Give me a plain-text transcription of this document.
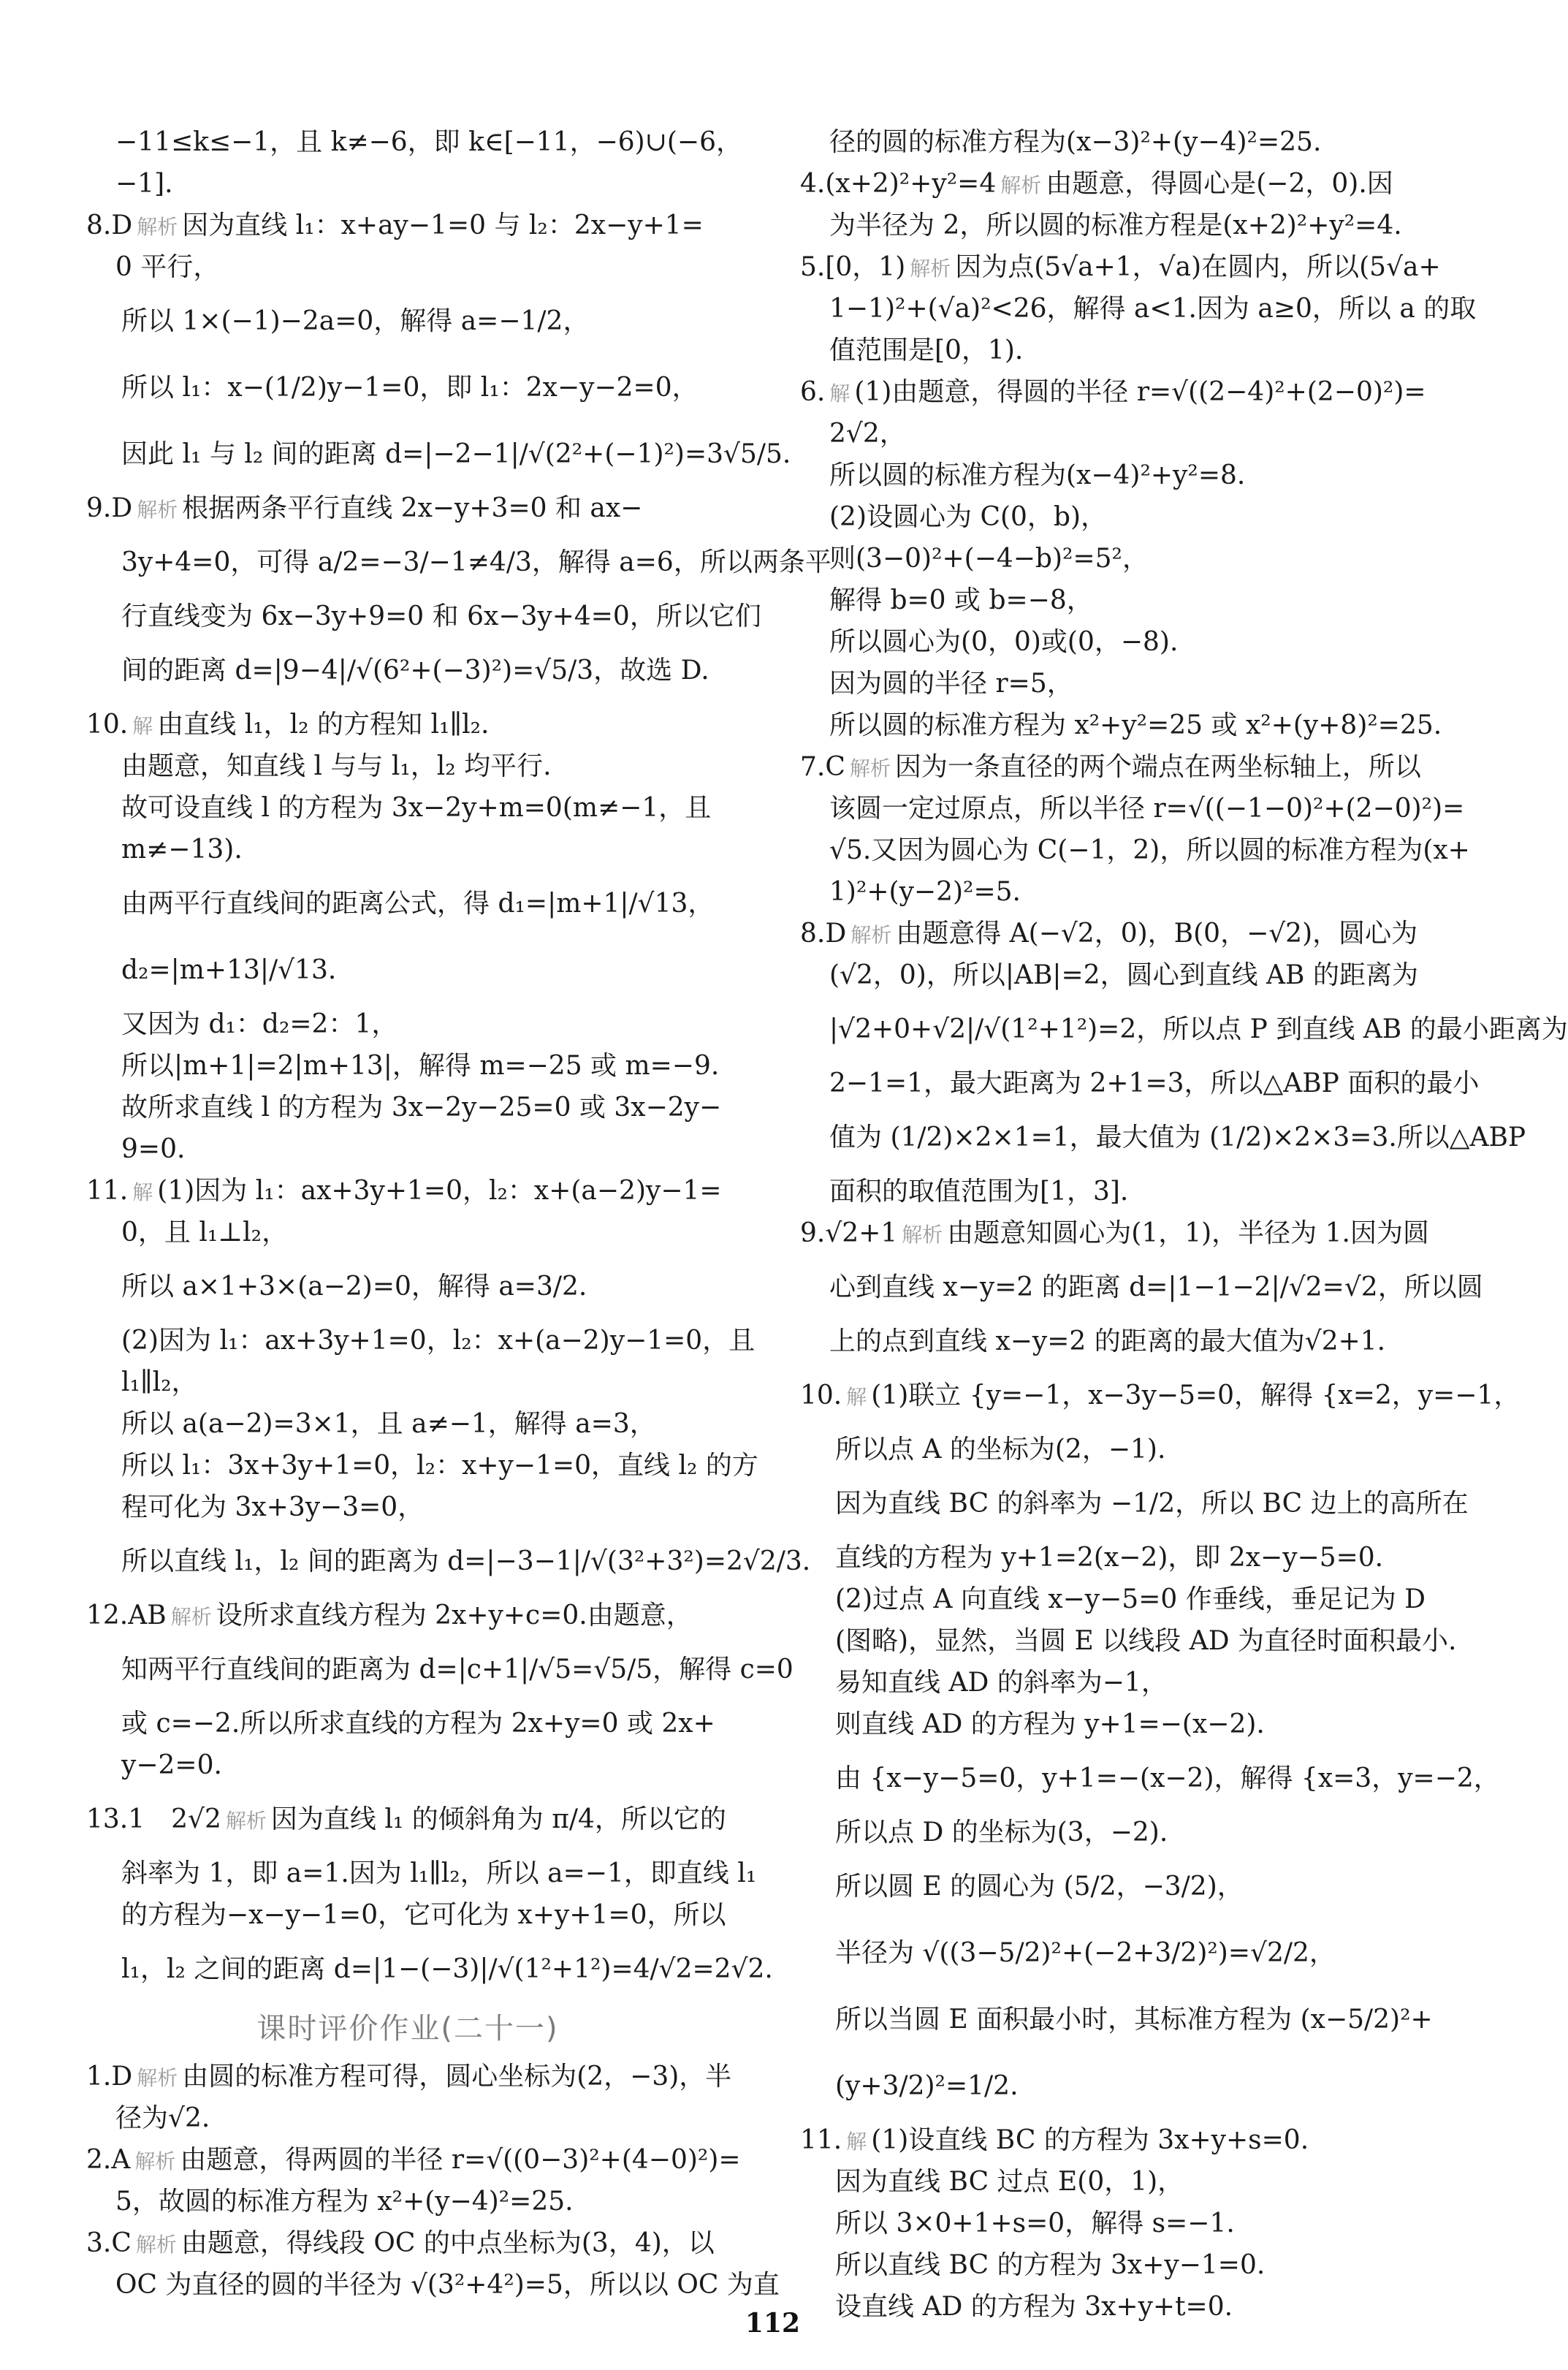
−11≤k≤−1，且 k≠−6，即 k∈[−11，−6)∪(−6，
−1].
8.D 解析 因为直线 l₁：x+ay−1=0 与 l₂：2x−y+1=
0 平行，
所以 1×(−1)−2a=0，解得 a=−1/2，
所以 l₁：x−(1/2)y−1=0，即 l₁：2x−y−2=0，
因此 l₁ 与 l₂ 间的距离 d=|−2−1|/√(2²+(−1)²)=3√5/5.
9.D 解析 根据两条平行直线 2x−y+3=0 和 ax−
3y+4=0，可得 a/2=−3/−1≠4/3，解得 a=6，所以两条平
行直线变为 6x−3y+9=0 和 6x−3y+4=0，所以它们
间的距离 d=|9−4|/√(6²+(−3)²)=√5/3，故选 D.
10. 解 由直线 l₁，l₂ 的方程知 l₁∥l₂.
由题意，知直线 l 与与 l₁，l₂ 均平行.
故可设直线 l 的方程为 3x−2y+m=0(m≠−1，且
m≠−13).
由两平行直线间的距离公式，得 d₁=|m+1|/√13，
d₂=|m+13|/√13.
又因为 d₁：d₂=2：1，
所以|m+1|=2|m+13|，解得 m=−25 或 m=−9.
故所求直线 l 的方程为 3x−2y−25=0 或 3x−2y−
9=0.
11. 解 (1)因为 l₁：ax+3y+1=0，l₂：x+(a−2)y−1=
0，且 l₁⊥l₂，
所以 a×1+3×(a−2)=0，解得 a=3/2.
(2)因为 l₁：ax+3y+1=0，l₂：x+(a−2)y−1=0，且
l₁∥l₂，
所以 a(a−2)=3×1，且 a≠−1，解得 a=3，
所以 l₁：3x+3y+1=0，l₂：x+y−1=0，直线 l₂ 的方
程可化为 3x+3y−3=0，
所以直线 l₁，l₂ 间的距离为 d=|−3−1|/√(3²+3²)=2√2/3.
12.AB 解析 设所求直线方程为 2x+y+c=0.由题意，
知两平行直线间的距离为 d=|c+1|/√5=√5/5，解得 c=0
或 c=−2.所以所求直线的方程为 2x+y=0 或 2x+
y−2=0.
13.1　2√2 解析 因为直线 l₁ 的倾斜角为 π/4，所以它的
斜率为 1，即 a=1.因为 l₁∥l₂，所以 a=−1，即直线 l₁
的方程为−x−y−1=0，它可化为 x+y+1=0，所以
l₁，l₂ 之间的距离 d=|1−(−3)|/√(1²+1²)=4/√2=2√2.
课时评价作业(二十一)
1.D 解析 由圆的标准方程可得，圆心坐标为(2，−3)，半
径为√2.
2.A 解析 由题意，得两圆的半径 r=√((0−3)²+(4−0)²)=
5，故圆的标准方程为 x²+(y−4)²=25.
3.C 解析 由题意，得线段 OC 的中点坐标为(3，4)，以
OC 为直径的圆的半径为 √(3²+4²)=5，所以以 OC 为直
径的圆的标准方程为(x−3)²+(y−4)²=25.
4.(x+2)²+y²=4 解析 由题意，得圆心是(−2，0).因
为半径为 2，所以圆的标准方程是(x+2)²+y²=4.
5.[0，1) 解析 因为点(5√a+1，√a)在圆内，所以(5√a+
1−1)²+(√a)²<26，解得 a<1.因为 a≥0，所以 a 的取
值范围是[0，1).
6. 解 (1)由题意，得圆的半径 r=√((2−4)²+(2−0)²)=
2√2，
所以圆的标准方程为(x−4)²+y²=8.
(2)设圆心为 C(0，b)，
则(3−0)²+(−4−b)²=5²，
解得 b=0 或 b=−8，
所以圆心为(0，0)或(0，−8).
因为圆的半径 r=5，
所以圆的标准方程为 x²+y²=25 或 x²+(y+8)²=25.
7.C 解析 因为一条直径的两个端点在两坐标轴上，所以
该圆一定过原点，所以半径 r=√((−1−0)²+(2−0)²)=
√5.又因为圆心为 C(−1，2)，所以圆的标准方程为(x+
1)²+(y−2)²=5.
8.D 解析 由题意得 A(−√2，0)，B(0，−√2)，圆心为
(√2，0)，所以|AB|=2，圆心到直线 AB 的距离为
|√2+0+√2|/√(1²+1²)=2，所以点 P 到直线 AB 的最小距离为
2−1=1，最大距离为 2+1=3，所以△ABP 面积的最小
值为 (1/2)×2×1=1，最大值为 (1/2)×2×3=3.所以△ABP
面积的取值范围为[1，3].
9.√2+1 解析 由题意知圆心为(1，1)，半径为 1.因为圆
心到直线 x−y=2 的距离 d=|1−1−2|/√2=√2，所以圆
上的点到直线 x−y=2 的距离的最大值为√2+1.
10. 解 (1)联立 {y=−1，x−3y−5=0，解得 {x=2，y=−1，
所以点 A 的坐标为(2，−1).
因为直线 BC 的斜率为 −1/2，所以 BC 边上的高所在
直线的方程为 y+1=2(x−2)，即 2x−y−5=0.
(2)过点 A 向直线 x−y−5=0 作垂线，垂足记为 D
(图略)，显然，当圆 E 以线段 AD 为直径时面积最小.
易知直线 AD 的斜率为−1，
则直线 AD 的方程为 y+1=−(x−2).
由 {x−y−5=0，y+1=−(x−2)，解得 {x=3，y=−2，
所以点 D 的坐标为(3，−2).
所以圆 E 的圆心为 (5/2，−3/2)，
半径为 √((3−5/2)²+(−2+3/2)²)=√2/2，
所以当圆 E 面积最小时，其标准方程为 (x−5/2)²+
(y+3/2)²=1/2.
11. 解 (1)设直线 BC 的方程为 3x+y+s=0.
因为直线 BC 过点 E(0，1)，
所以 3×0+1+s=0，解得 s=−1.
所以直线 BC 的方程为 3x+y−1=0.
设直线 AD 的方程为 3x+y+t=0.
112
